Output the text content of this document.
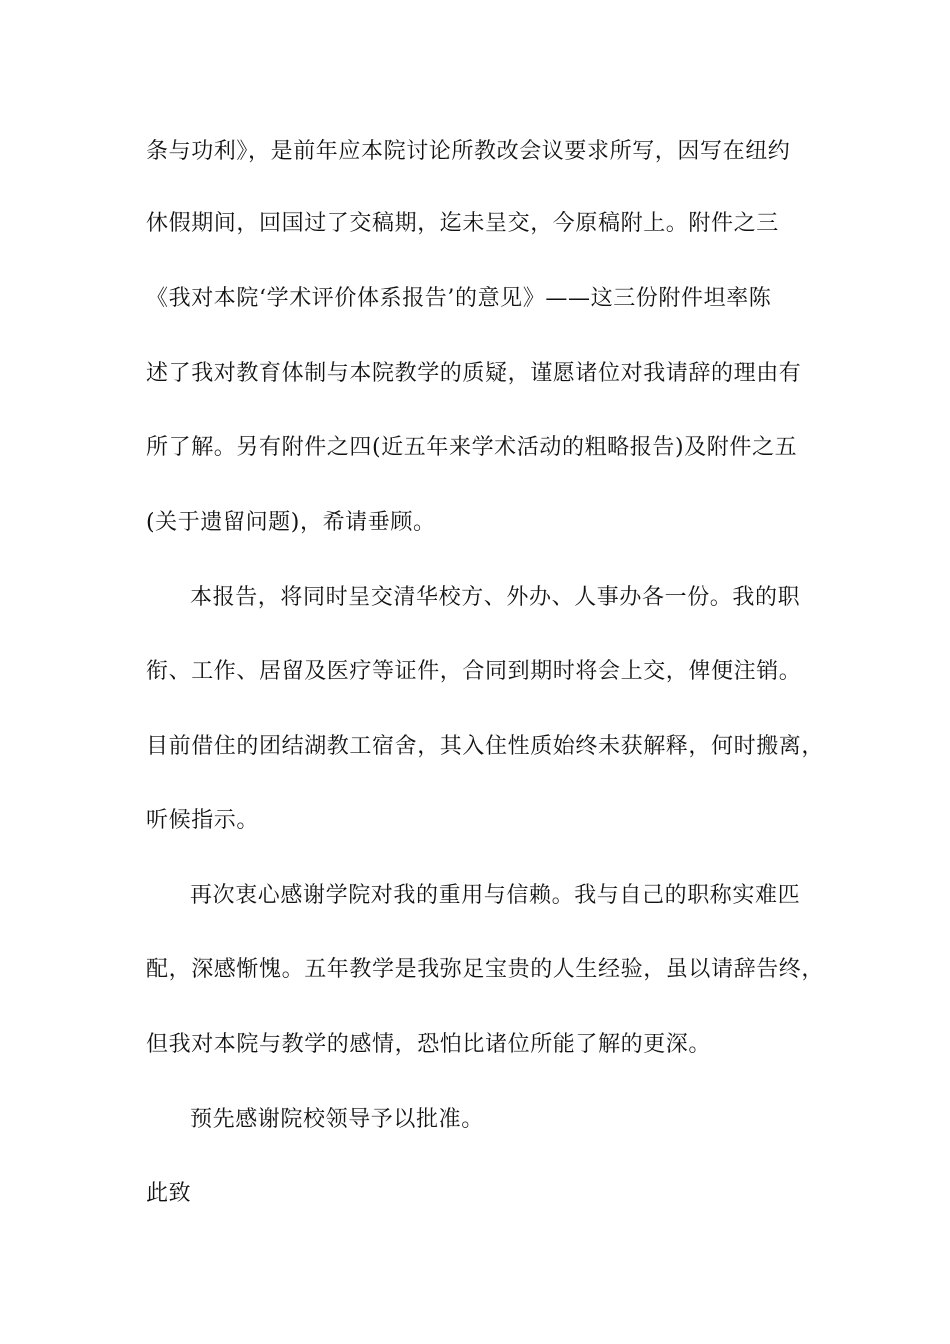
条与功利》，是前年应本院讨论所教改会议要求所写，因写在纽约
休假期间，回国过了交稿期，迄未呈交，今原稿附上。附件之三
《我对本院‘学术评价体系报告’的意见》——这三份附件坦率陈
述了我对教育体制与本院教学的质疑，谨愿诸位对我请辞的理由有
所了解。另有附件之四(近五年来学术活动的粗略报告)及附件之五
(关于遗留问题)，希请垂顾。
本报告，将同时呈交清华校方、外办、人事办各一份。我的职
衔、工作、居留及医疗等证件，合同到期时将会上交，俾便注销。
目前借住的团结湖教工宿舍，其入住性质始终未获解释，何时搬离，
听候指示。
再次衷心感谢学院对我的重用与信赖。我与自己的职称实难匹
配，深感惭愧。五年教学是我弥足宝贵的人生经验，虽以请辞告终，
但我对本院与教学的感情，恐怕比诸位所能了解的更深。
预先感谢院校领导予以批准。
此致
